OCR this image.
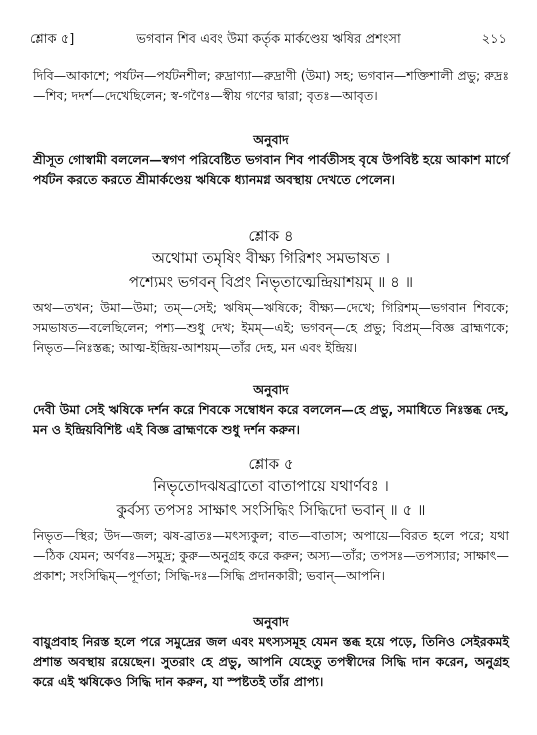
শ্লোক ৫]	ভগবান শিব এবং উমা কর্তৃক মার্কণ্ডেয় ঋষির প্রশংসা	২১১

দিবি—আকাশে; পর্যটন—পর্যটনশীল; রুদ্রাণ্যা—রুদ্রাণী (উমা) সহ; ভগবান—শক্তিশালী প্রভু; রুদ্রঃ—শিব; দদর্শ—দেখেছিলেন; স্ব-গণৈঃ—স্বীয় গণের দ্বারা; বৃতঃ—আবৃত।

অনুবাদ

শ্রীসূত গোস্বামী বললেন—স্বগণ পরিবেষ্টিত ভগবান শিব পার্বতীসহ বৃষে উপবিষ্ট হয়ে আকাশ মার্গে পর্যটন করতে করতে শ্রীমার্কণ্ডেয় ঋষিকে ধ্যানমগ্ন অবস্থায় দেখতে পেলেন।

শ্লোক ৪
অথোমা তমৃষিং বীক্ষ্য গিরিশং সমভাষত ।
পশ্যেমং ভগবন্ বিপ্রং নিভৃতাত্মেন্দ্রিয়াশয়ম্ ॥ ৪ ॥

অথ—তখন; উমা—উমা; তম্—সেই; ঋষিম্—ঋষিকে; বীক্ষ্য—দেখে; গিরিশম্—ভগবান শিবকে; সমভাষত—বলেছিলেন; পশ্য—শুধু দেখ; ইমম্—এই; ভগবন্—হে প্রভু; বিপ্রম্—বিজ্ঞ ব্রাহ্মণকে; নিভৃত—নিঃস্তব্ধ; আত্ম-ইন্দ্রিয়-আশয়ম্—তাঁর দেহ, মন এবং ইন্দ্রিয়।

অনুবাদ

দেবী উমা সেই ঋষিকে দর্শন করে শিবকে সম্বোধন করে বললেন—হে প্রভু, সমাধিতে নিঃস্তব্ধ দেহ, মন ও ইন্দ্রিয়বিশিষ্ট এই বিজ্ঞ ব্রাহ্মণকে শুধু দর্শন করুন।

শ্লোক ৫
নিভৃতোদঝষব্রাতো বাতাপায়ে যথার্ণবঃ ।
কুর্বস্য তপসঃ সাক্ষাৎ সংসিদ্ধিং সিদ্ধিদো ভবান্ ॥ ৫ ॥

নিভৃত—স্থির; উদ—জল; ঝষ-ব্রাতঃ—মৎস্যকুল; বাত—বাতাস; অপায়ে—বিরত হলে পরে; যথা—ঠিক যেমন; অর্ণবঃ—সমুদ্র; কুরু—অনুগ্রহ করে করুন; অস্য—তাঁর; তপসঃ—তপস্যার; সাক্ষাৎ—প্রকাশ; সংসিদ্ধিম্—পূর্ণতা; সিদ্ধি-দঃ—সিদ্ধি প্রদানকারী; ভবান্—আপনি।

অনুবাদ

বায়ুপ্রবাহ নিরস্ত হলে পরে সমুদ্রের জল এবং মৎস্যসমূহ যেমন স্তব্ধ হয়ে পড়ে, তিনিও সেইরকমই প্রশান্ত অবস্থায় রয়েছেন। সুতরাং হে প্রভু, আপনি যেহেতু তপস্বীদের সিদ্ধি দান করেন, অনুগ্রহ করে এই ঋষিকেও সিদ্ধি দান করুন, যা স্পষ্টতই তাঁর প্রাপ্য।
